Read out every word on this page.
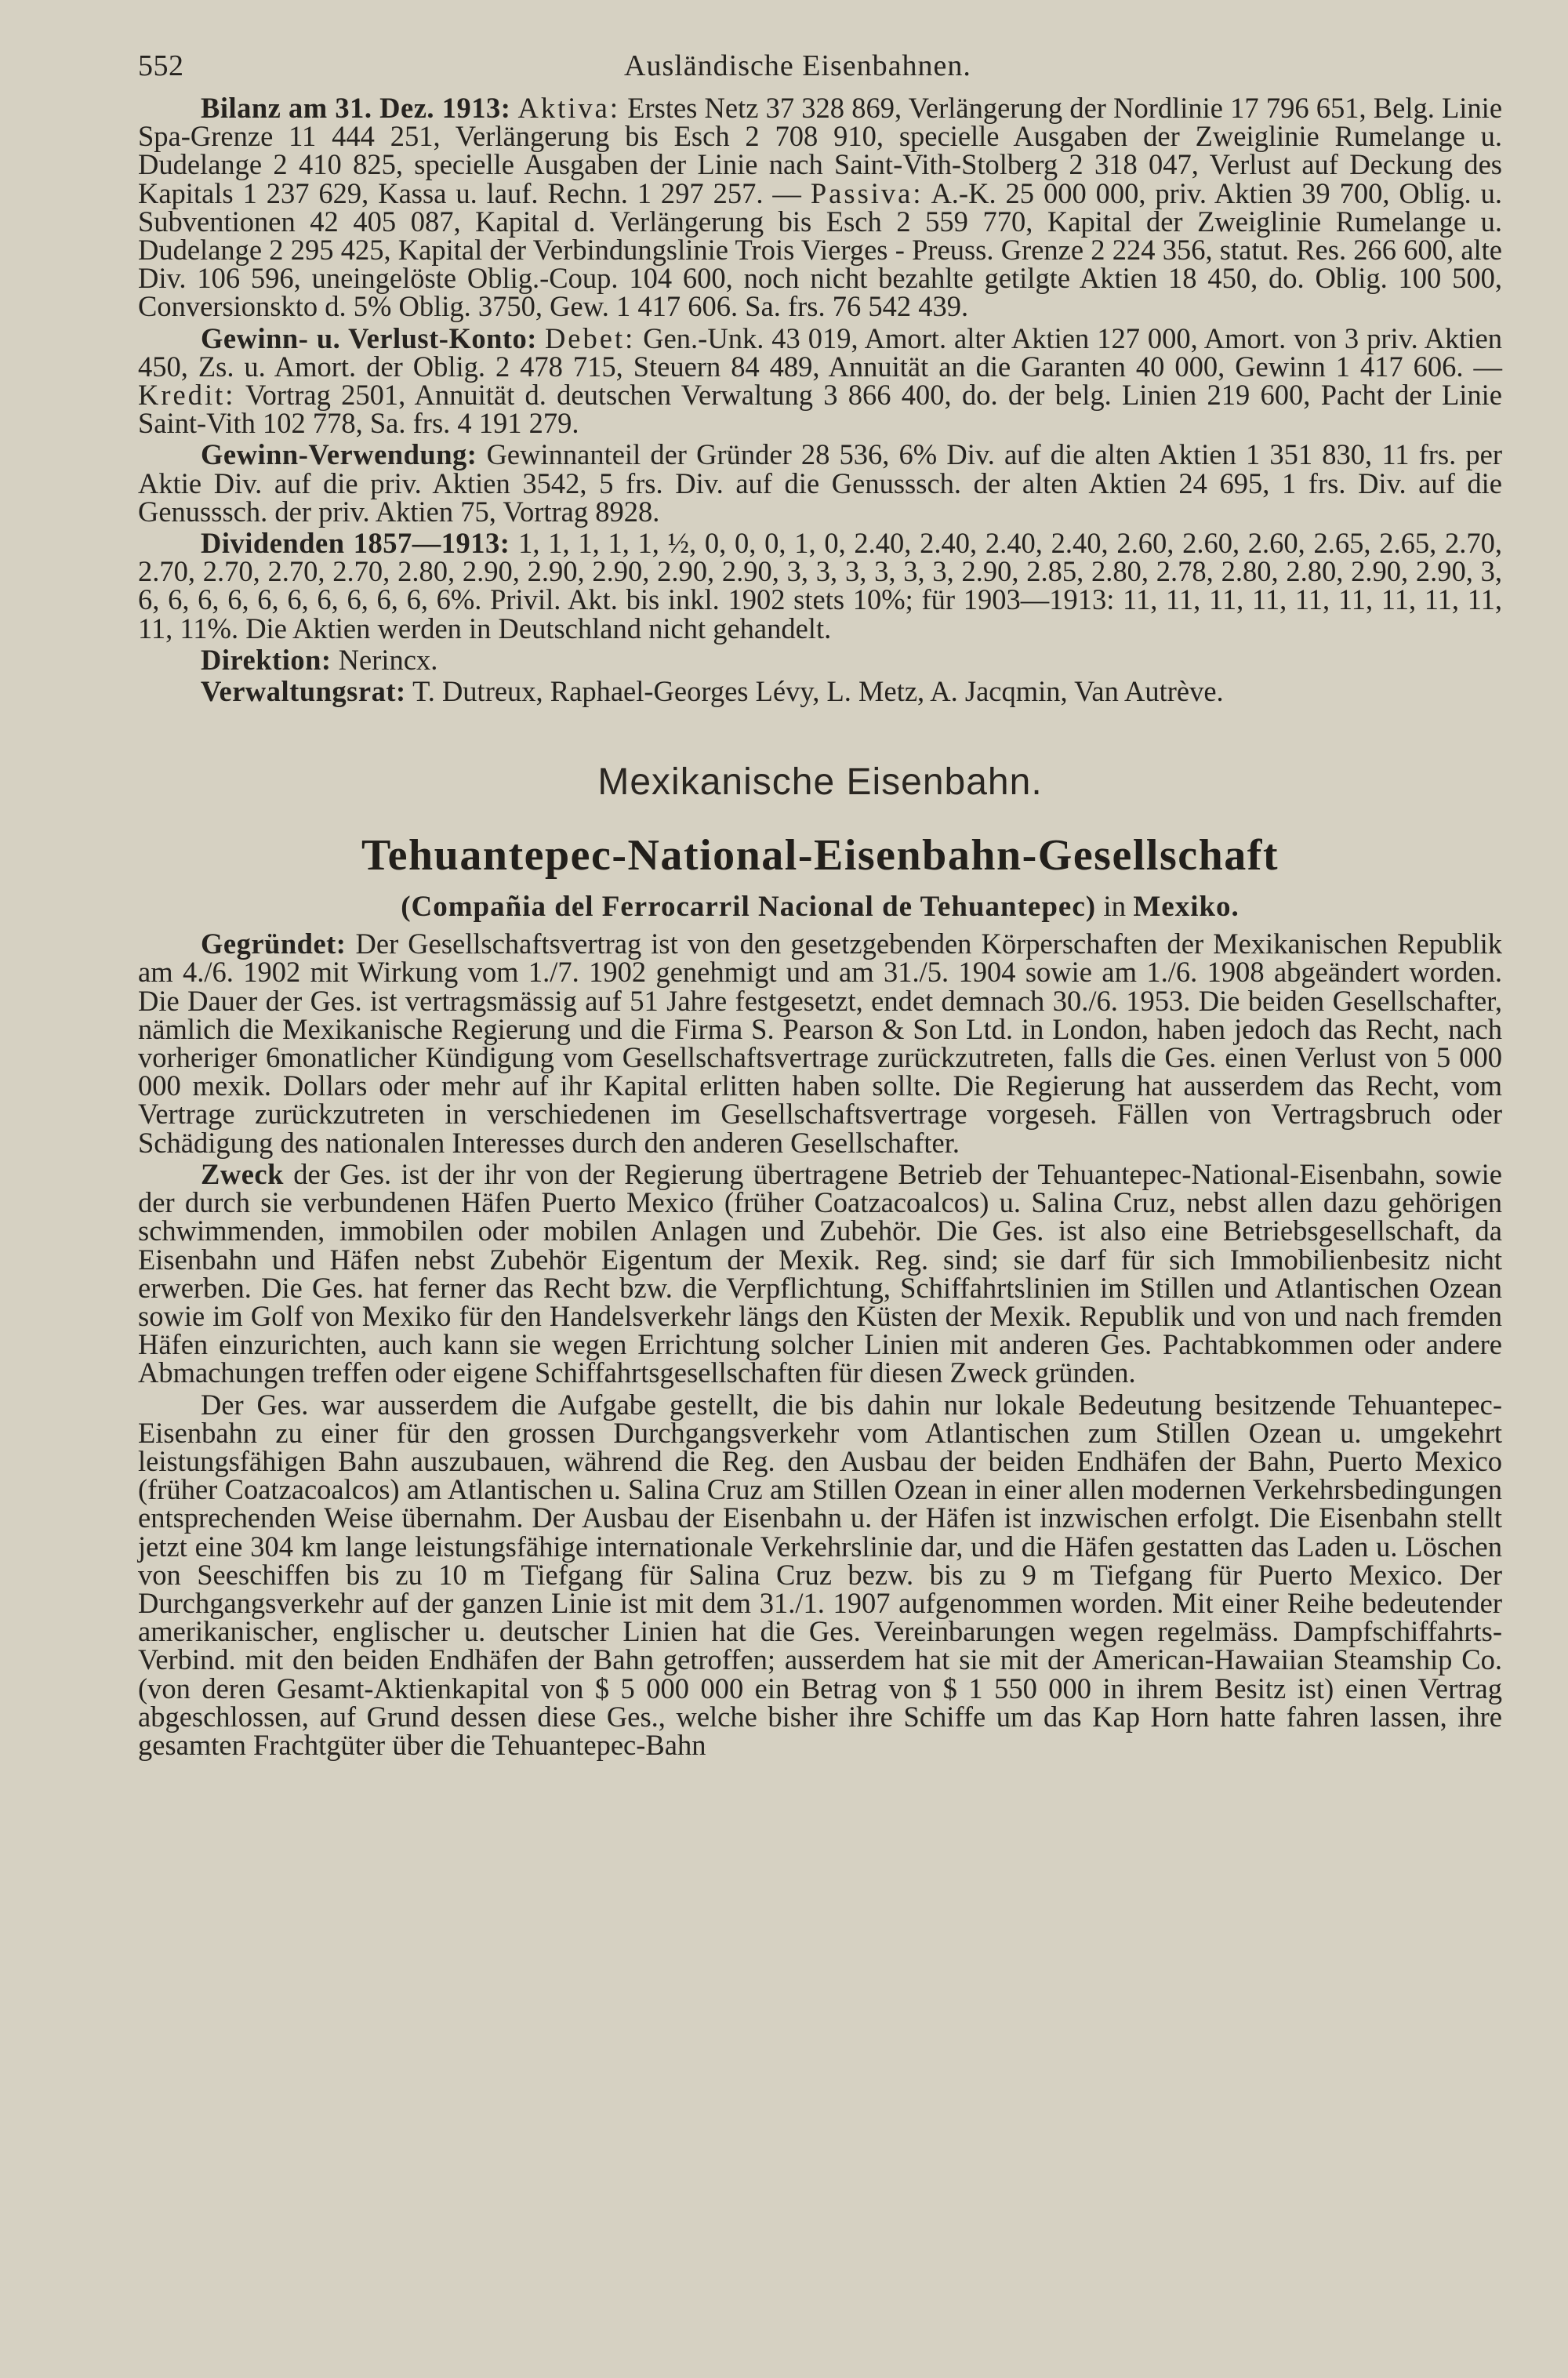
552	Ausländische Eisenbahnen.

Bilanz am 31. Dez. 1913: Aktiva: Erstes Netz 37 328 869, Verlängerung der Nordlinie 17 796 651, Belg. Linie Spa-Grenze 11 444 251, Verlängerung bis Esch 2 708 910, specielle Ausgaben der Zweiglinie Rumelange u. Dudelange 2 410 825, specielle Ausgaben der Linie nach Saint-Vith-Stolberg 2 318 047, Verlust auf Deckung des Kapitals 1 237 629, Kassa u. lauf. Rechn. 1 297 257. — Passiva: A.-K. 25 000 000, priv. Aktien 39 700, Oblig. u. Subventionen 42 405 087, Kapital d. Verlängerung bis Esch 2 559 770, Kapital der Zweiglinie Rumelange u. Dudelange 2 295 425, Kapital der Verbindungslinie Trois Vierges - Preuss. Grenze 2 224 356, statut. Res. 266 600, alte Div. 106 596, uneingelöste Oblig.-Coup. 104 600, noch nicht bezahlte getilgte Aktien 18 450, do. Oblig. 100 500, Conversionskto d. 5% Oblig. 3750, Gew. 1 417 606. Sa. frs. 76 542 439.

Gewinn- u. Verlust-Konto: Debet: Gen.-Unk. 43 019, Amort. alter Aktien 127 000, Amort. von 3 priv. Aktien 450, Zs. u. Amort. der Oblig. 2 478 715, Steuern 84 489, Annuität an die Garanten 40 000, Gewinn 1 417 606. — Kredit: Vortrag 2501, Annuität d. deutschen Verwaltung 3 866 400, do. der belg. Linien 219 600, Pacht der Linie Saint-Vith 102 778, Sa. frs. 4 191 279.

Gewinn-Verwendung: Gewinnanteil der Gründer 28 536, 6% Div. auf die alten Aktien 1 351 830, 11 frs. per Aktie Div. auf die priv. Aktien 3542, 5 frs. Div. auf die Genusssch. der alten Aktien 24 695, 1 frs. Div. auf die Genusssch. der priv. Aktien 75, Vortrag 8928.

Dividenden 1857—1913: 1, 1, 1, 1, 1, ½, 0, 0, 0, 1, 0, 2.40, 2.40, 2.40, 2.40, 2.60, 2.60, 2.60, 2.65, 2.65, 2.70, 2.70, 2.70, 2.70, 2.70, 2.80, 2.90, 2.90, 2.90, 2.90, 2.90, 3, 3, 3, 3, 3, 3, 2.90, 2.85, 2.80, 2.78, 2.80, 2.80, 2.90, 2.90, 3, 6, 6, 6, 6, 6, 6, 6, 6, 6, 6, 6%. Privil. Akt. bis inkl. 1902 stets 10%; für 1903—1913: 11, 11, 11, 11, 11, 11, 11, 11, 11, 11, 11%. Die Aktien werden in Deutschland nicht gehandelt.

Direktion: Nerincx.

Verwaltungsrat: T. Dutreux, Raphael-Georges Lévy, L. Metz, A. Jacqmin, Van Autrève.

Mexikanische Eisenbahn.
Tehuantepec-National-Eisenbahn-Gesellschaft
(Compañia del Ferrocarril Nacional de Tehuantepec) in Mexiko.

Gegründet: Der Gesellschaftsvertrag ist von den gesetzgebenden Körperschaften der Mexikanischen Republik am 4./6. 1902 mit Wirkung vom 1./7. 1902 genehmigt und am 31./5. 1904 sowie am 1./6. 1908 abgeändert worden. Die Dauer der Ges. ist vertragsmässig auf 51 Jahre festgesetzt, endet demnach 30./6. 1953. Die beiden Gesellschafter, nämlich die Mexikanische Regierung und die Firma S. Pearson & Son Ltd. in London, haben jedoch das Recht, nach vorheriger 6monatlicher Kündigung vom Gesellschaftsvertrage zurückzutreten, falls die Ges. einen Verlust von 5 000 000 mexik. Dollars oder mehr auf ihr Kapital erlitten haben sollte. Die Regierung hat ausserdem das Recht, vom Vertrage zurückzutreten in verschiedenen im Gesellschaftsvertrage vorgeseh. Fällen von Vertragsbruch oder Schädigung des nationalen Interesses durch den anderen Gesellschafter.

Zweck der Ges. ist der ihr von der Regierung übertragene Betrieb der Tehuantepec-National-Eisenbahn, sowie der durch sie verbundenen Häfen Puerto Mexico (früher Coatzacoalcos) u. Salina Cruz, nebst allen dazu gehörigen schwimmenden, immobilen oder mobilen Anlagen und Zubehör. Die Ges. ist also eine Betriebsgesellschaft, da Eisenbahn und Häfen nebst Zubehör Eigentum der Mexik. Reg. sind; sie darf für sich Immobilienbesitz nicht erwerben. Die Ges. hat ferner das Recht bzw. die Verpflichtung, Schiffahrtslinien im Stillen und Atlantischen Ozean sowie im Golf von Mexiko für den Handelsverkehr längs den Küsten der Mexik. Republik und von und nach fremden Häfen einzurichten, auch kann sie wegen Errichtung solcher Linien mit anderen Ges. Pachtabkommen oder andere Abmachungen treffen oder eigene Schiffahrtsgesellschaften für diesen Zweck gründen.

Der Ges. war ausserdem die Aufgabe gestellt, die bis dahin nur lokale Bedeutung besitzende Tehuantepec-Eisenbahn zu einer für den grossen Durchgangsverkehr vom Atlantischen zum Stillen Ozean u. umgekehrt leistungsfähigen Bahn auszubauen, während die Reg. den Ausbau der beiden Endhäfen der Bahn, Puerto Mexico (früher Coatzacoalcos) am Atlantischen u. Salina Cruz am Stillen Ozean in einer allen modernen Verkehrsbedingungen entsprechenden Weise übernahm. Der Ausbau der Eisenbahn u. der Häfen ist inzwischen erfolgt. Die Eisenbahn stellt jetzt eine 304 km lange leistungsfähige internationale Verkehrslinie dar, und die Häfen gestatten das Laden u. Löschen von Seeschiffen bis zu 10 m Tiefgang für Salina Cruz bezw. bis zu 9 m Tiefgang für Puerto Mexico. Der Durchgangsverkehr auf der ganzen Linie ist mit dem 31./1. 1907 aufgenommen worden. Mit einer Reihe bedeutender amerikanischer, englischer u. deutscher Linien hat die Ges. Vereinbarungen wegen regelmäss. Dampfschiffahrts-Verbind. mit den beiden Endhäfen der Bahn getroffen; ausserdem hat sie mit der American-Hawaiian Steamship Co. (von deren Gesamt-Aktienkapital von $ 5 000 000 ein Betrag von $ 1 550 000 in ihrem Besitz ist) einen Vertrag abgeschlossen, auf Grund dessen diese Ges., welche bisher ihre Schiffe um das Kap Horn hatte fahren lassen, ihre gesamten Frachtgüter über die Tehuantepec-Bahn
